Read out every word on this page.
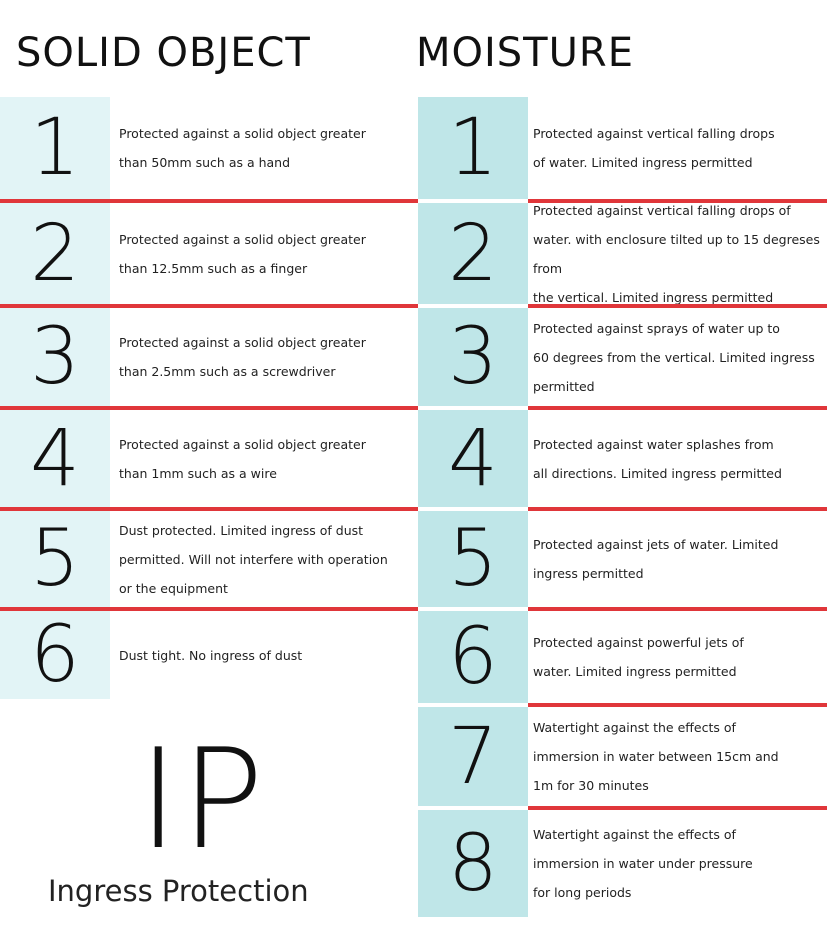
SOLID OBJECT	MOISTURE
1	Protected against a solid object greater
than 50mm such as a hand
2	Protected against a solid object greater
than 12.5mm such as a finger
3	Protected against a solid object greater
than 2.5mm such as a screwdriver
4	Protected against a solid object greater
than 1mm such as a wire
5	Dust protected. Limited ingress of dust
permitted. Will not interfere with operation
or the equipment
6	Dust tight. No ingress of dust
1	Protected against vertical falling drops
of water. Limited ingress permitted
2	Protected against vertical falling drops of
water. with enclosure tilted up to 15 degreses from
the vertical. Limited ingress permitted
3	Protected against sprays of water up to
60 degrees from the vertical. Limited ingress
permitted
4	Protected against water splashes from
all directions. Limited ingress permitted
5	Protected against jets of water. Limited
ingress permitted
6	Protected against powerful jets of
water. Limited ingress permitted
7	Watertight against the effects of
immersion in water between 15cm and
1m for 30 minutes
8	Watertight against the effects of
immersion in water under pressure
for long periods
IP
Ingress Protection
